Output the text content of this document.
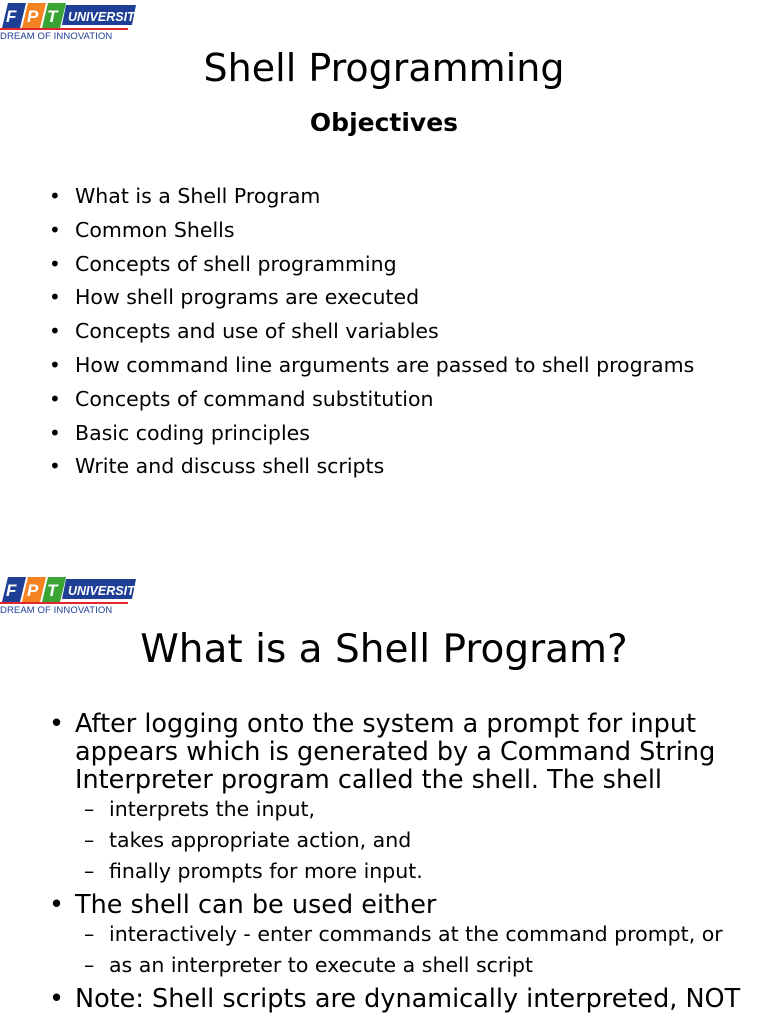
F P T UNIVERSITY
DREAM OF INNOVATION
Shell Programming
Objectives
• What is a Shell Program
• Common Shells
• Concepts of shell programming
• How shell programs are executed
• Concepts and use of shell variables
• How command line arguments are passed to shell programs
• Concepts of command substitution
• Basic coding principles
• Write and discuss shell scripts
F P T UNIVERSITY
DREAM OF INNOVATION
What is a Shell Program?
• After logging onto the system a prompt for input appears which is generated by a Command String Interpreter program called the shell. The shell
– interprets the input,
– takes appropriate action, and
– finally prompts for more input.
• The shell can be used either
– interactively - enter commands at the command prompt, or
– as an interpreter to execute a shell script
• Note: Shell scripts are dynamically interpreted, NOT
